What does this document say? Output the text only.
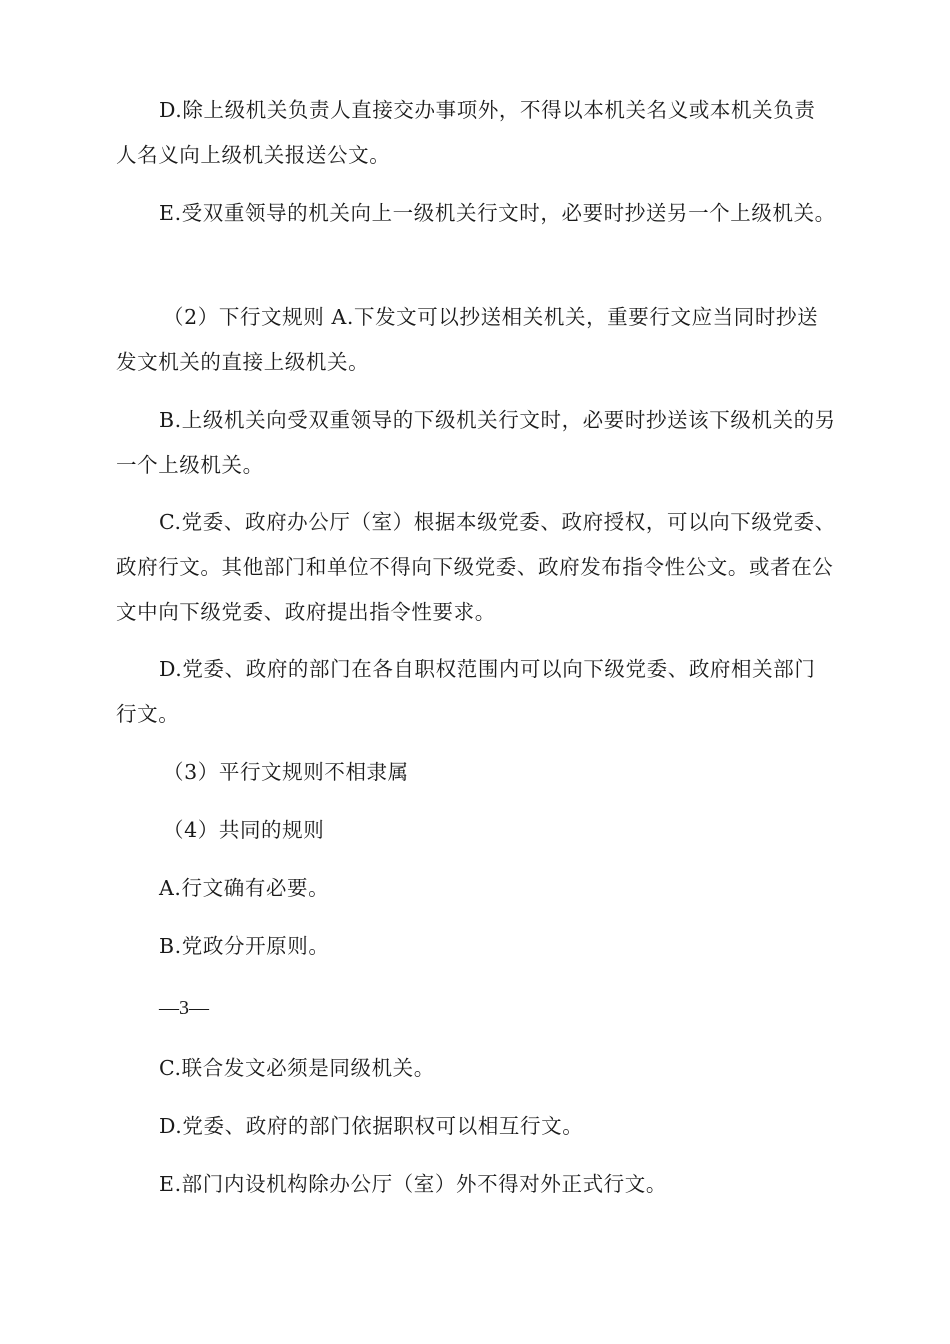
D.除上级机关负责人直接交办事项外，不得以本机关名义或本机关负责人名义向上级机关报送公文。

E.受双重领导的机关向上一级机关行文时，必要时抄送另一个上级机关。

（2）下行文规则 A.下发文可以抄送相关机关，重要行文应当同时抄送发文机关的直接上级机关。

B.上级机关向受双重领导的下级机关行文时，必要时抄送该下级机关的另一个上级机关。

C.党委、政府办公厅（室）根据本级党委、政府授权，可以向下级党委、政府行文。其他部门和单位不得向下级党委、政府发布指令性公文。或者在公文中向下级党委、政府提出指令性要求。

D.党委、政府的部门在各自职权范围内可以向下级党委、政府相关部门行文。

（3）平行文规则不相隶属

（4）共同的规则

A.行文确有必要。

B.党政分开原则。

—3—

C.联合发文必须是同级机关。

D.党委、政府的部门依据职权可以相互行文。

E.部门内设机构除办公厅（室）外不得对外正式行文。
